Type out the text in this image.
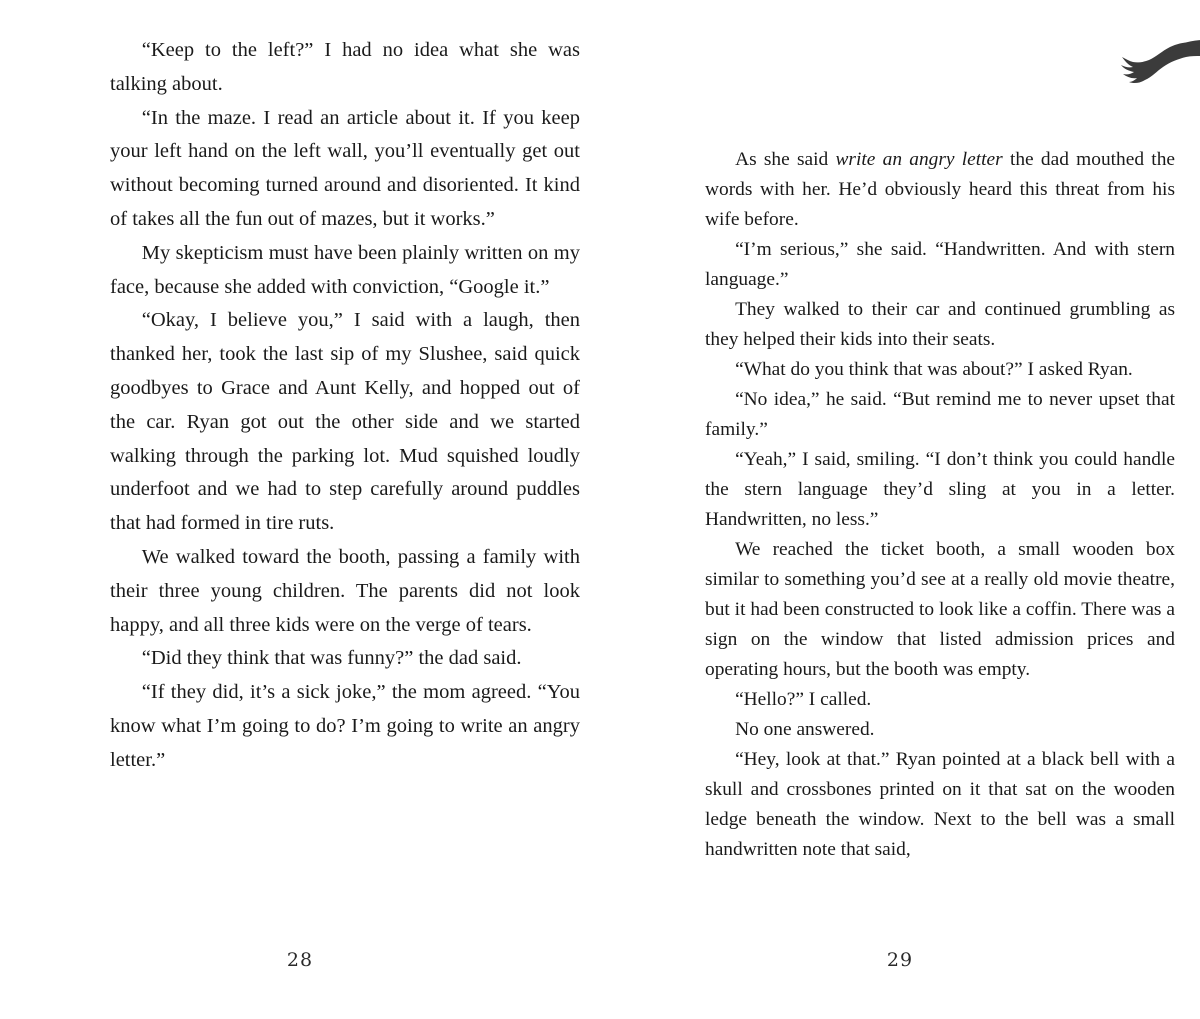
“Keep to the left?” I had no idea what she was talking about.

“In the maze. I read an article about it. If you keep your left hand on the left wall, you’ll eventually get out without becoming turned around and disoriented. It kind of takes all the fun out of mazes, but it works.”

My skepticism must have been plainly written on my face, because she added with conviction, “Google it.”

“Okay, I believe you,” I said with a laugh, then thanked her, took the last sip of my Slushee, said quick goodbyes to Grace and Aunt Kelly, and hopped out of the car. Ryan got out the other side and we started walking through the parking lot. Mud squished loudly underfoot and we had to step carefully around puddles that had formed in tire ruts.

We walked toward the booth, passing a family with their three young children. The parents did not look happy, and all three kids were on the verge of tears.

“Did they think that was funny?” the dad said.

“If they did, it’s a sick joke,” the mom agreed. “You know what I’m going to do? I’m going to write an angry letter.”

28

As she said write an angry letter the dad mouthed the words with her. He’d obviously heard this threat from his wife before.

“I’m serious,” she said. “Handwritten. And with stern language.”

They walked to their car and continued grumbling as they helped their kids into their seats.

“What do you think that was about?” I asked Ryan.

“No idea,” he said. “But remind me to never upset that family.”

“Yeah,” I said, smiling. “I don’t think you could handle the stern language they’d sling at you in a letter. Handwritten, no less.”

We reached the ticket booth, a small wooden box similar to something you’d see at a really old movie theatre, but it had been constructed to look like a coffin. There was a sign on the window that listed admission prices and operating hours, but the booth was empty.

“Hello?” I called.

No one answered.

“Hey, look at that.” Ryan pointed at a black bell with a skull and crossbones printed on it that sat on the wooden ledge beneath the window. Next to the bell was a small handwritten note that said,

29
